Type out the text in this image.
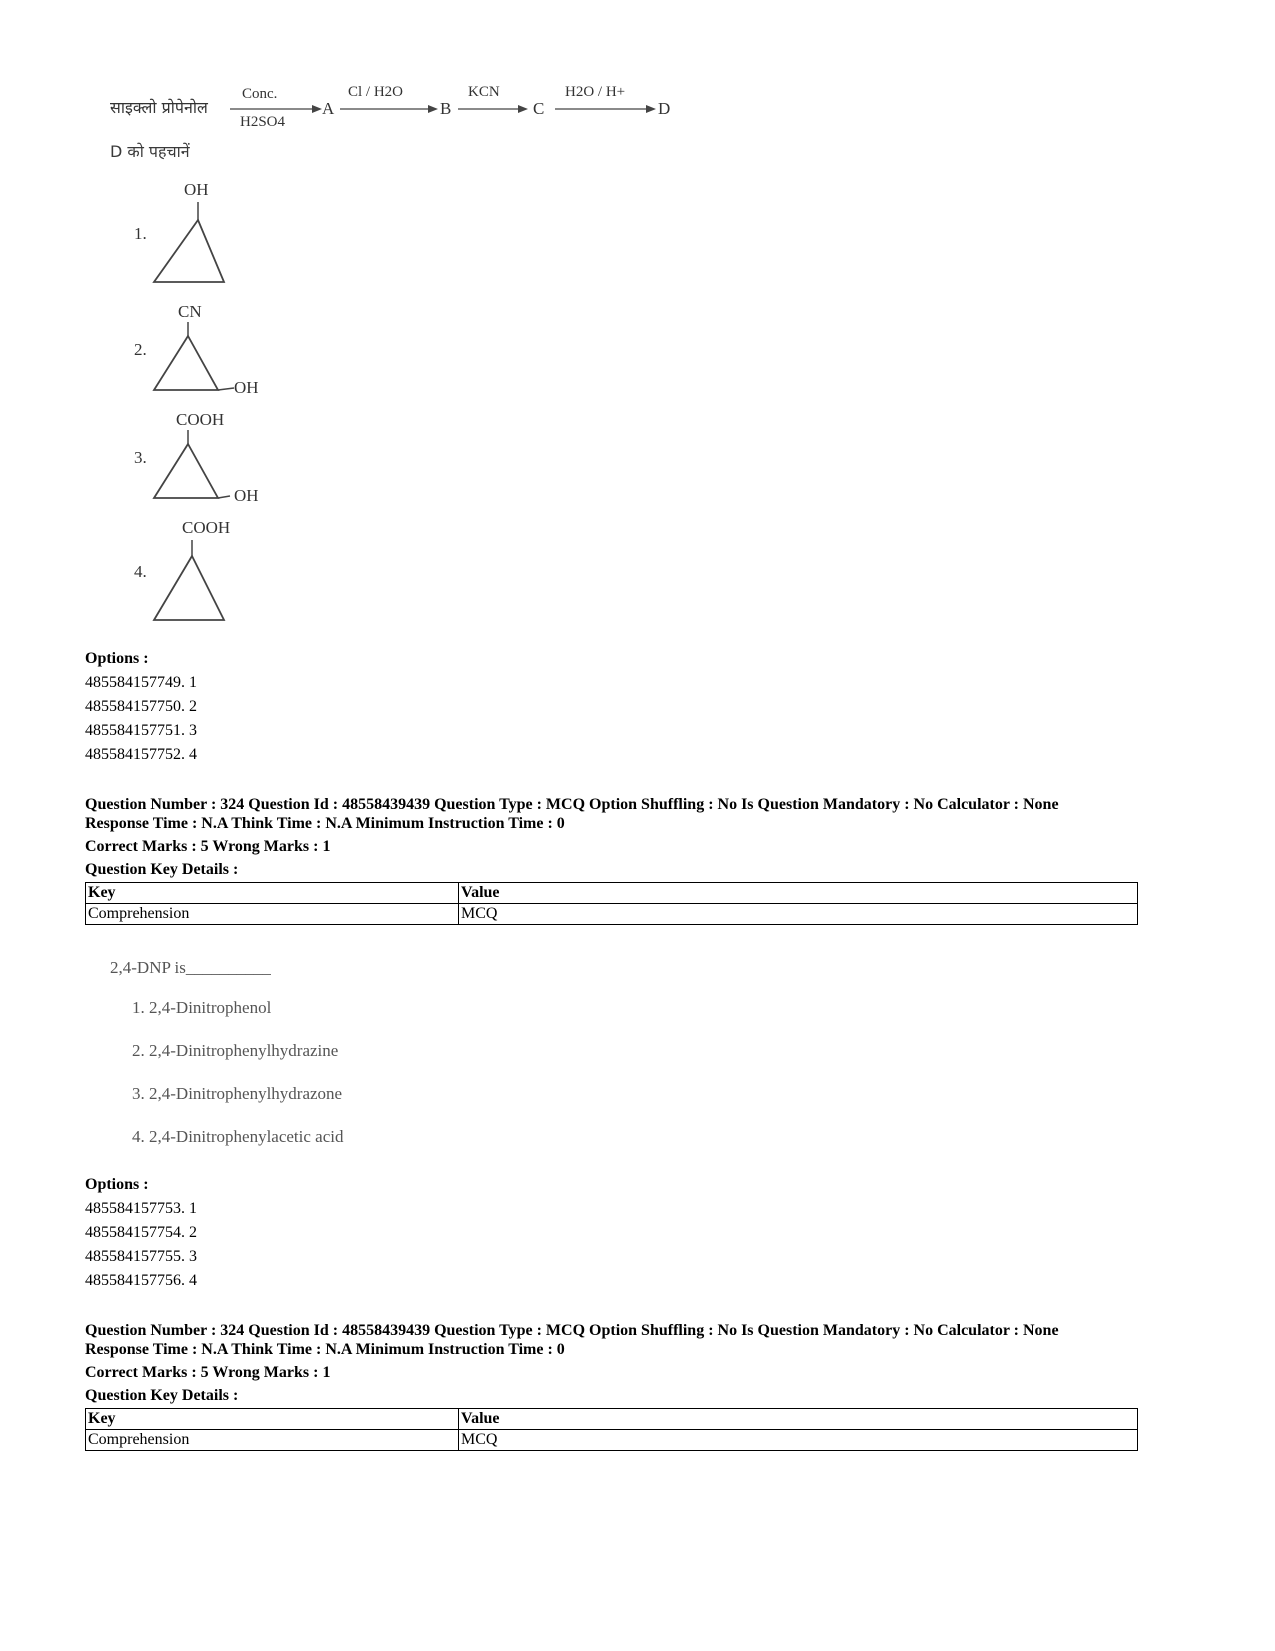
साइक्लो प्रोपेनोल
Conc.
H2SO4
A
Cl / H2O
B
KCN
C
H2O / H+
D
D को पहचानें
1.
OH
2.
CN
OH
3.
COOH
OH
4.
COOH
Options :
485584157749. 1
485584157750. 2
485584157751. 3
485584157752. 4
Question Number : 324 Question Id : 48558439439 Question Type : MCQ Option Shuffling : No Is Question Mandatory : No Calculator : None
Response Time : N.A Think Time : N.A Minimum Instruction Time : 0
Correct Marks : 5 Wrong Marks : 1
Question Key Details :
Key	Value
Comprehension	MCQ
2,4-DNP is__________
1. 2,4-Dinitrophenol
2. 2,4-Dinitrophenylhydrazine
3. 2,4-Dinitrophenylhydrazone
4. 2,4-Dinitrophenylacetic acid
Options :
485584157753. 1
485584157754. 2
485584157755. 3
485584157756. 4
Question Number : 324 Question Id : 48558439439 Question Type : MCQ Option Shuffling : No Is Question Mandatory : No Calculator : None
Response Time : N.A Think Time : N.A Minimum Instruction Time : 0
Correct Marks : 5 Wrong Marks : 1
Question Key Details :
Key	Value
Comprehension	MCQ
